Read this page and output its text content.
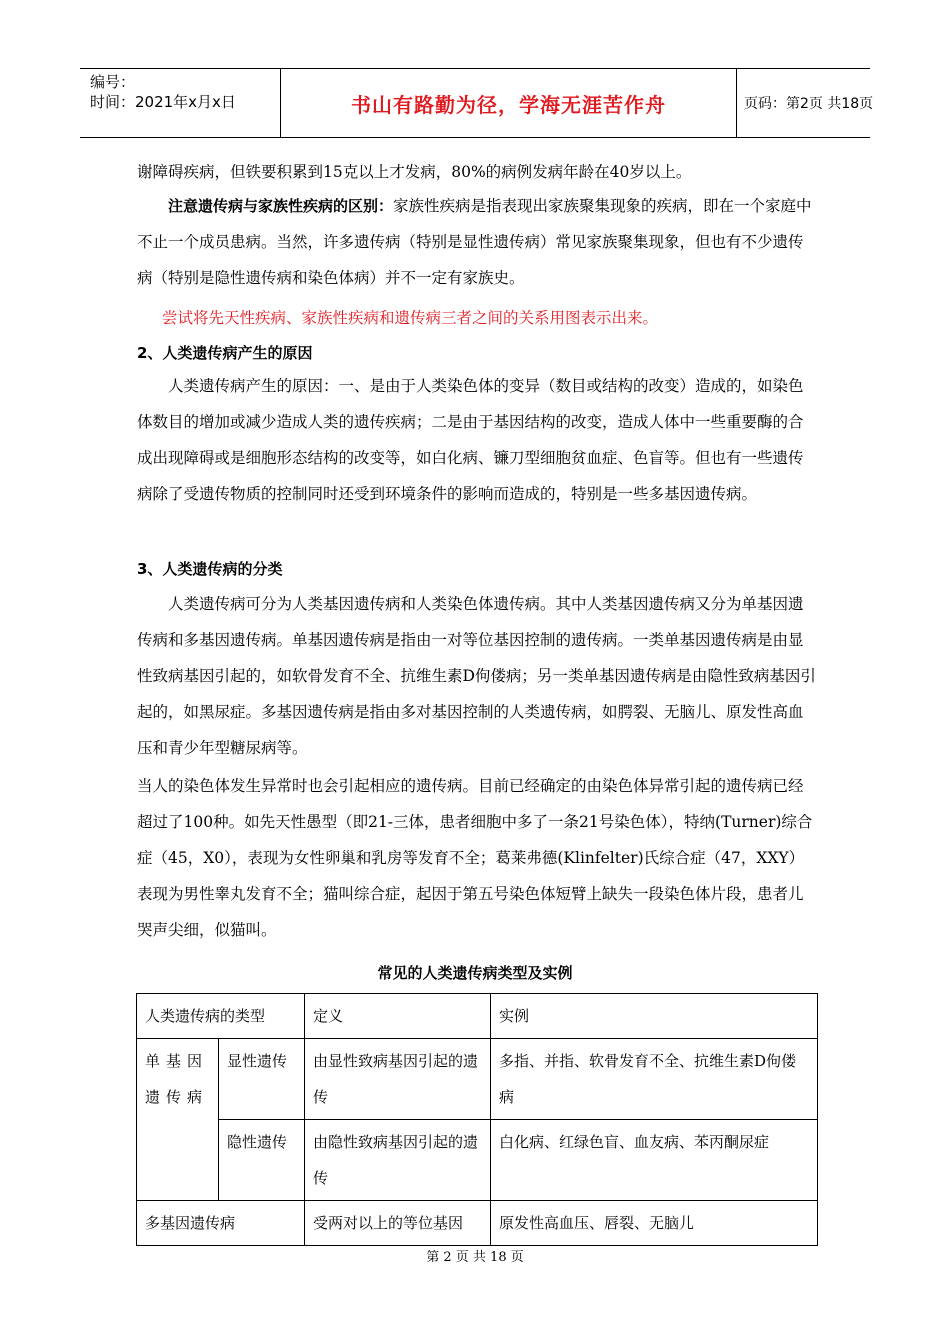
编号：
时间：2021年x月x日	书山有路勤为径，学海无涯苦作舟	页码：第2页 共18页
谢障碍疾病，但铁要积累到15克以上才发病，80%的病例发病年龄在40岁以上。
注意遗传病与家族性疾病的区别：家族性疾病是指表现出家族聚集现象的疾病，即在一个家庭中不止一个成员患病。当然，许多遗传病（特别是显性遗传病）常见家族聚集现象，但也有不少遗传病（特别是隐性遗传病和染色体病）并不一定有家族史。
尝试将先天性疾病、家族性疾病和遗传病三者之间的关系用图表示出来。
2、人类遗传病产生的原因
人类遗传病产生的原因：一、是由于人类染色体的变异（数目或结构的改变）造成的，如染色体数目的增加或减少造成人类的遗传疾病；二是由于基因结构的改变，造成人体中一些重要酶的合成出现障碍或是细胞形态结构的改变等，如白化病、镰刀型细胞贫血症、色盲等。但也有一些遗传病除了受遗传物质的控制同时还受到环境条件的影响而造成的，特别是一些多基因遗传病。
3、人类遗传病的分类
人类遗传病可分为人类基因遗传病和人类染色体遗传病。其中人类基因遗传病又分为单基因遗传病和多基因遗传病。单基因遗传病是指由一对等位基因控制的遗传病。一类单基因遗传病是由显性致病基因引起的，如软骨发育不全、抗维生素D佝偻病；另一类单基因遗传病是由隐性致病基因引起的，如黑尿症。多基因遗传病是指由多对基因控制的人类遗传病，如腭裂、无脑儿、原发性高血压和青少年型糖尿病等。
当人的染色体发生异常时也会引起相应的遗传病。目前已经确定的由染色体异常引起的遗传病已经超过了100种。如先天性愚型（即21-三体，患者细胞中多了一条21号染色体），特纳(Turner)综合症（45，X0），表现为女性卵巢和乳房等发育不全；葛莱弗德(Klinfelter)氏综合症（47，XXY）表现为男性睾丸发育不全；猫叫综合症，起因于第五号染色体短臂上缺失一段染色体片段，患者儿哭声尖细，似猫叫。
常见的人类遗传病类型及实例
人类遗传病的类型		定义	实例
单基因遗传病	显性遗传	由显性致病基因引起的遗传	多指、并指、软骨发育不全、抗维生素D佝偻病
	隐性遗传	由隐性致病基因引起的遗传	白化病、红绿色盲、血友病、苯丙酮尿症
多基因遗传病		受两对以上的等位基因	原发性高血压、唇裂、无脑儿
第 2 页 共 18 页
